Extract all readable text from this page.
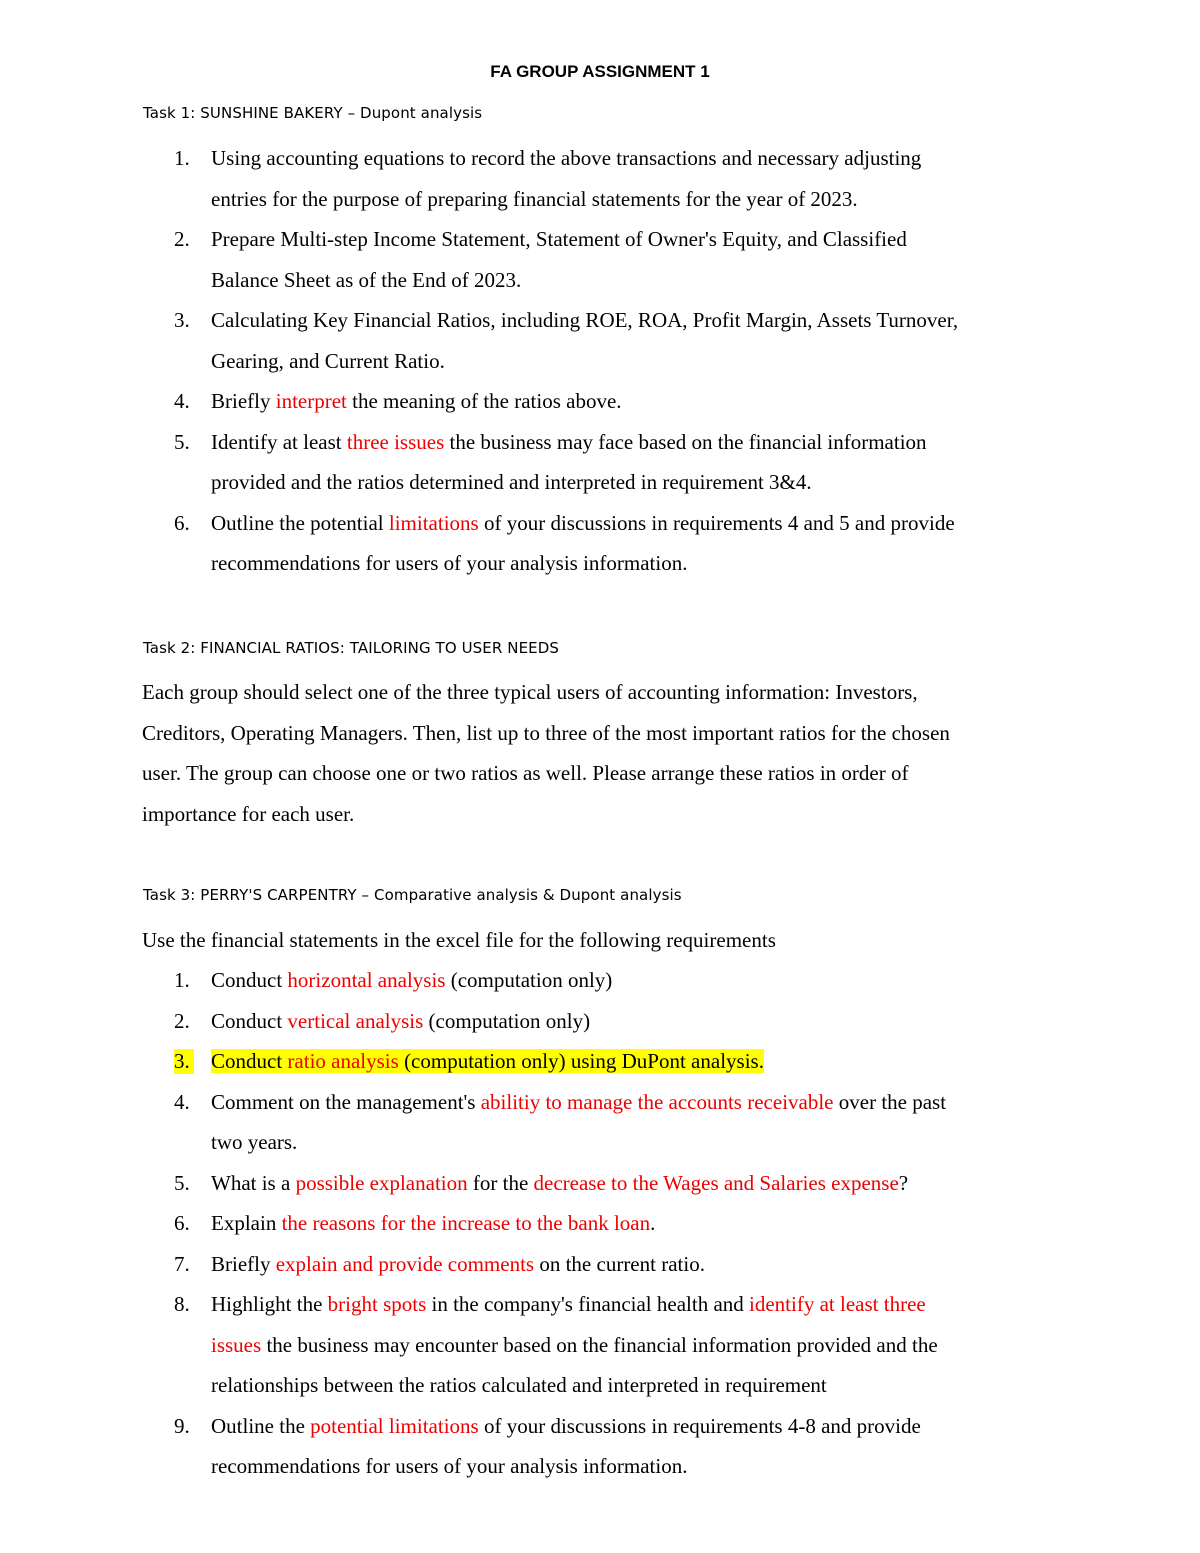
FA GROUP ASSIGNMENT 1
Task 1: SUNSHINE BAKERY – Dupont analysis
1. Using accounting equations to record the above transactions and necessary adjusting
entries for the purpose of preparing financial statements for the year of 2023.
2. Prepare Multi-step Income Statement, Statement of Owner's Equity, and Classified
Balance Sheet as of the End of 2023.
3. Calculating Key Financial Ratios, including ROE, ROA, Profit Margin, Assets Turnover,
Gearing, and Current Ratio.
4. Briefly interpret the meaning of the ratios above.
5. Identify at least three issues the business may face based on the financial information
provided and the ratios determined and interpreted in requirement 3&4.
6. Outline the potential limitations of your discussions in requirements 4 and 5 and provide
recommendations for users of your analysis information.
Task 2: FINANCIAL RATIOS: TAILORING TO USER NEEDS
Each group should select one of the three typical users of accounting information: Investors,
Creditors, Operating Managers. Then, list up to three of the most important ratios for the chosen
user. The group can choose one or two ratios as well. Please arrange these ratios in order of
importance for each user.
Task 3: PERRY'S CARPENTRY – Comparative analysis & Dupont analysis
Use the financial statements in the excel file for the following requirements
1. Conduct horizontal analysis (computation only)
2. Conduct vertical analysis (computation only)
3. Conduct ratio analysis (computation only) using DuPont analysis.
4. Comment on the management's abilitiy to manage the accounts receivable over the past
two years.
5. What is a possible explanation for the decrease to the Wages and Salaries expense?
6. Explain the reasons for the increase to the bank loan.
7. Briefly explain and provide comments on the current ratio.
8. Highlight the bright spots in the company's financial health and identify at least three
issues the business may encounter based on the financial information provided and the
relationships between the ratios calculated and interpreted in requirement
9. Outline the potential limitations of your discussions in requirements 4-8 and provide
recommendations for users of your analysis information.
